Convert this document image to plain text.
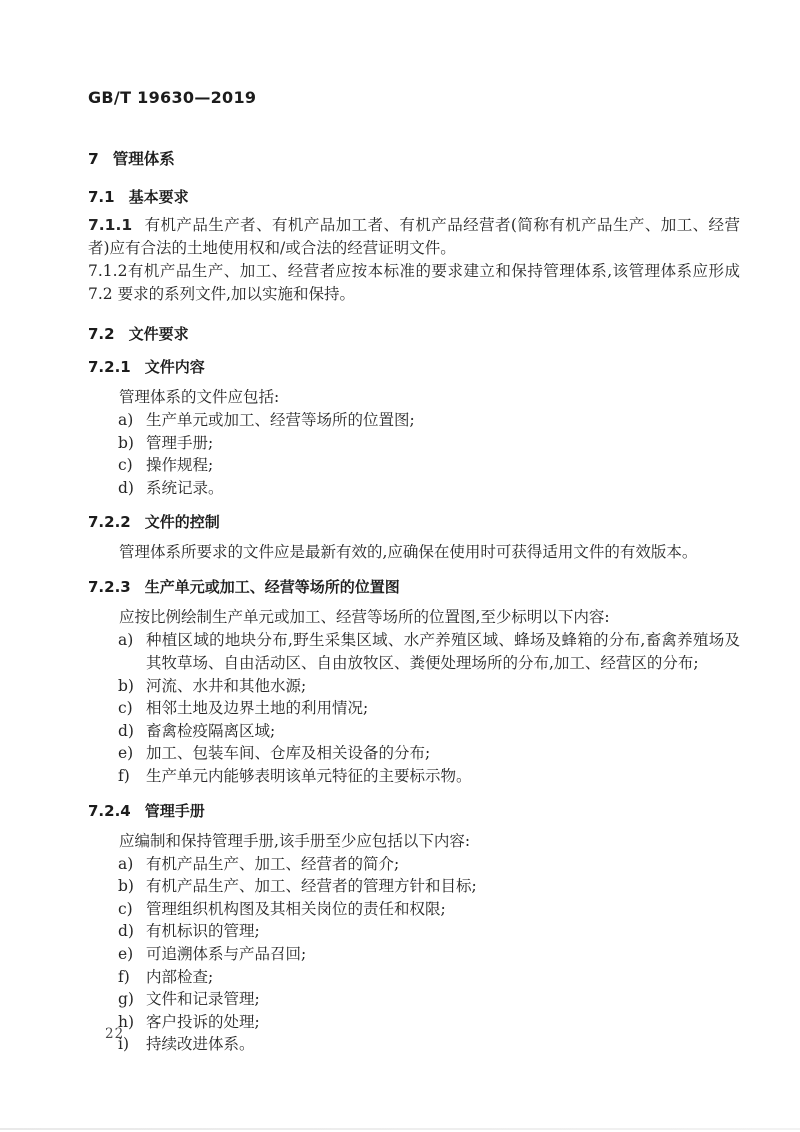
GB/T 19630—2019
7 管理体系
7.1 基本要求

7.1.1 有机产品生产者、有机产品加工者、有机产品经营者(简称有机产品生产、加工、经营者)应有合法的土地使用权和/或合法的经营证明文件。

7.1.2有机产品生产、加工、经营者应按本标准的要求建立和保持管理体系,该管理体系应形成 7.2 要求的系列文件,加以实施和保持。

7.2 文件要求
7.2.1 文件内容

管理体系的文件应包括:

a) 生产单元或加工、经营等场所的位置图;
b) 管理手册;
c) 操作规程;
d) 系统记录。
7.2.2 文件的控制

管理体系所要求的文件应是最新有效的,应确保在使用时可获得适用文件的有效版本。

7.2.3 生产单元或加工、经营等场所的位置图

应按比例绘制生产单元或加工、经营等场所的位置图,至少标明以下内容:

a) 种植区域的地块分布,野生采集区域、水产养殖区域、蜂场及蜂箱的分布,畜禽养殖场及其牧草场、自由活动区、自由放牧区、粪便处理场所的分布,加工、经营区的分布;
b) 河流、水井和其他水源;
c) 相邻土地及边界土地的利用情况;
d) 畜禽检疫隔离区域;
e) 加工、包装车间、仓库及相关设备的分布;
f)	生产单元内能够表明该单元特征的主要标示物。
7.2.4 管理手册

应编制和保持管理手册,该手册至少应包括以下内容:

a) 有机产品生产、加工、经营者的简介;
b) 有机产品生产、加工、经营者的管理方针和目标;
c) 管理组织机构图及其相关岗位的责任和权限;
d) 有机标识的管理;
e) 可追溯体系与产品召回;
f)	内部检查;
g) 文件和记录管理;
h) 客户投诉的处理;
i)	持续改进体系。
22
